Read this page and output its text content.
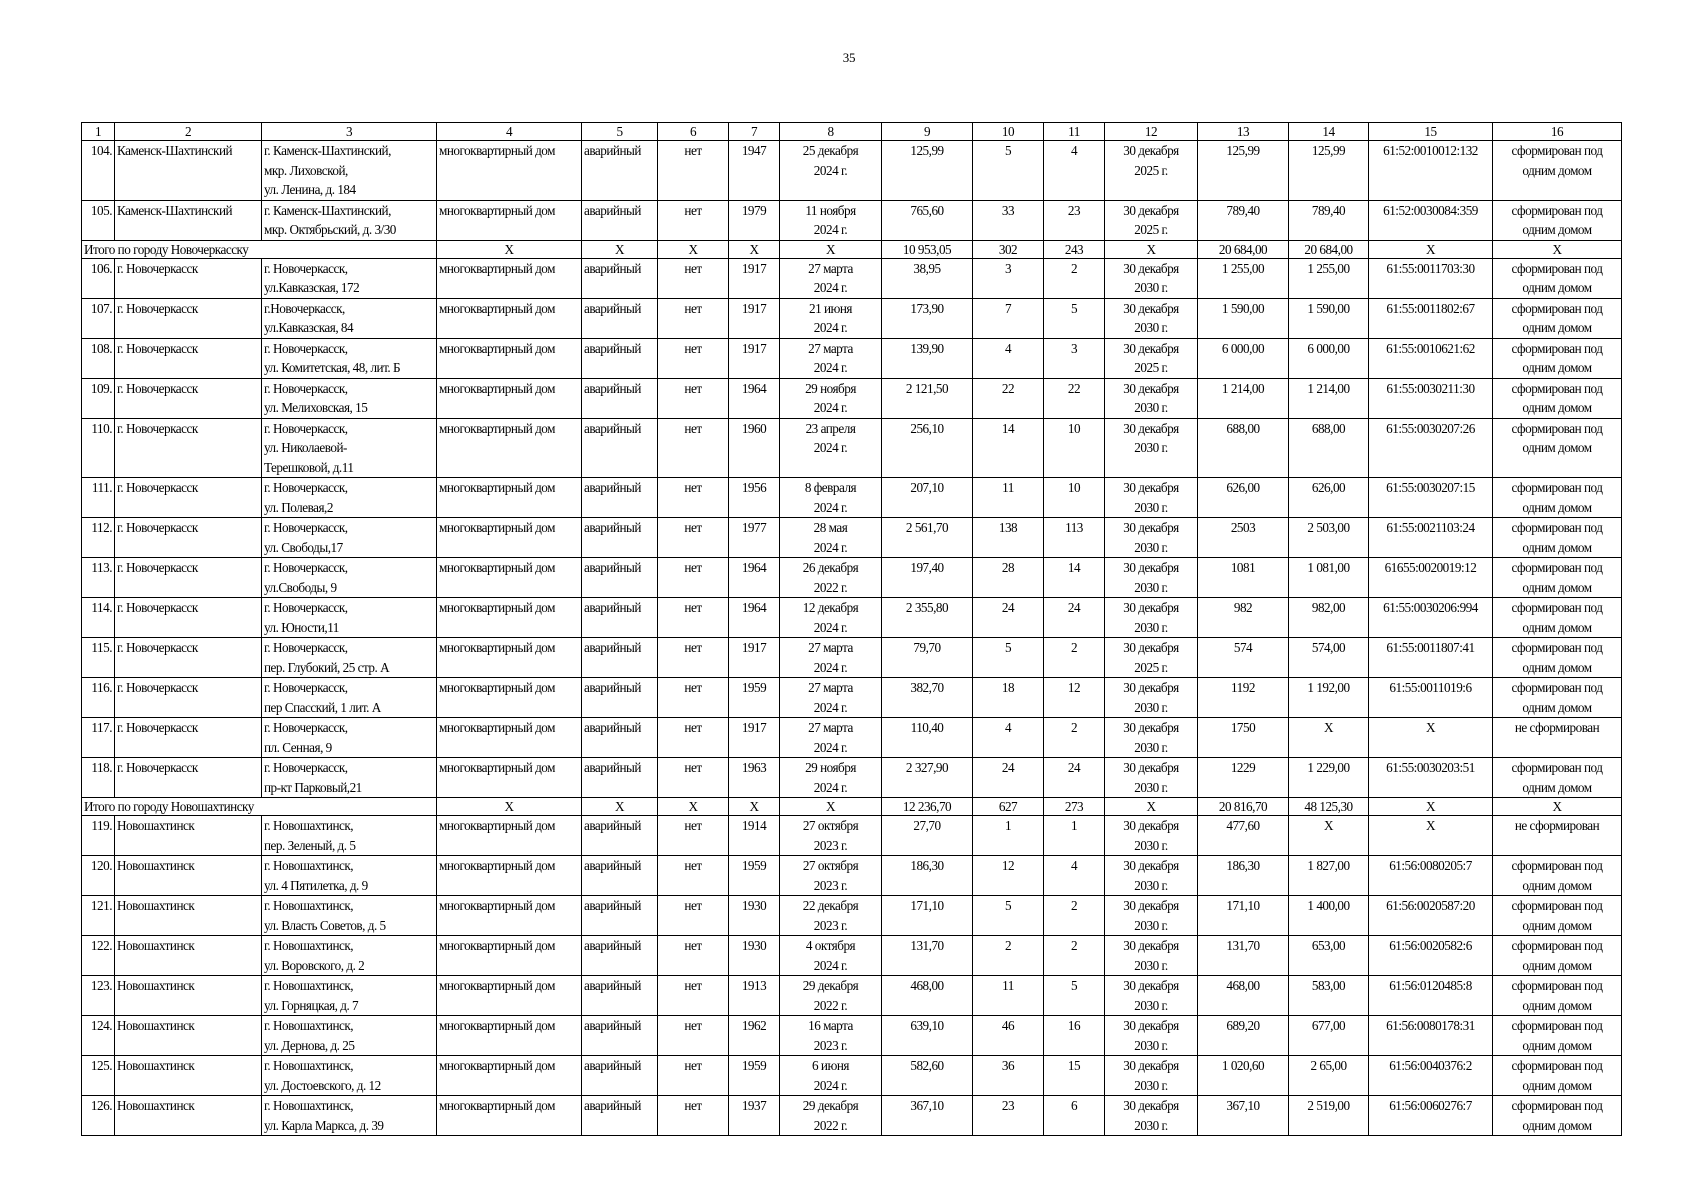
35
1	2	3	4	5	6	7	8	9	10	11	12	13	14	15	16
104.	Каменск-Шахтинский	г. Каменск-Шахтинский,
мкр. Лиховской,
ул. Ленина, д. 184	многоквартирный дом	аварийный	нет	1947	25 декабря
2024 г.	125,99	5	4	30 декабря
2025 г.	125,99	125,99	61:52:0010012:132	сформирован под
одним домом

105.	Каменск-Шахтинский	г. Каменск-Шахтинский,
мкр. Октябрьский, д. 3/30	многоквартирный дом	аварийный	нет	1979	11 ноября
2024 г.	765,60	33	23	30 декабря
2025 г.	789,40	789,40	61:52:0030084:359	сформирован под
одним домом

Итого по городу Новочеркасску			X	X	X	X	X	10 953,05	302	243	X	20 684,00	20 684,00	X	X
106.	г. Новочеркасск	г. Новочеркасск,
ул.Кавказская, 172	многоквартирный дом	аварийный	нет	1917	27 марта
2024 г.	38,95	3	2	30 декабря
2030 г.	1 255,00	1 255,00	61:55:0011703:30	сформирован под
одним домом

107.	г. Новочеркасск	г.Новочеркасск,
ул.Кавказская, 84	многоквартирный дом	аварийный	нет	1917	21 июня
2024 г.	173,90	7	5	30 декабря
2030 г.	1 590,00	1 590,00	61:55:0011802:67	сформирован под
одним домом

108.	г. Новочеркасск	г. Новочеркасск,
ул. Комитетская, 48, лит. Б	многоквартирный дом	аварийный	нет	1917	27 марта
2024 г.	139,90	4	3	30 декабря
2025 г.	6 000,00	6 000,00	61:55:0010621:62	сформирован под
одним домом

109.	г. Новочеркасск	г. Новочеркасск,
ул. Мелиховская, 15	многоквартирный дом	аварийный	нет	1964	29 ноября
2024 г.	2 121,50	22	22	30 декабря
2030 г.	1 214,00	1 214,00	61:55:0030211:30	сформирован под
одним домом

110.	г. Новочеркасск	г. Новочеркасск,
ул. Николаевой-
Терешковой, д.11	многоквартирный дом	аварийный	нет	1960	23 апреля
2024 г.	256,10	14	10	30 декабря
2030 г.	688,00	688,00	61:55:0030207:26	сформирован под
одним домом

111.	г. Новочеркасск	г. Новочеркасск,
ул. Полевая,2	многоквартирный дом	аварийный	нет	1956	8 февраля
2024 г.	207,10	11	10	30 декабря
2030 г.	626,00	626,00	61:55:0030207:15	сформирован под
одним домом

112.	г. Новочеркасск	г. Новочеркасск,
ул. Свободы,17	многоквартирный дом	аварийный	нет	1977	28 мая
2024 г.	2 561,70	138	113	30 декабря
2030 г.	2503	2 503,00	61:55:0021103:24	сформирован под
одним домом

113.	г. Новочеркасск	г. Новочеркасск,
ул.Свободы, 9	многоквартирный дом	аварийный	нет	1964	26 декабря
2022 г.	197,40	28	14	30 декабря
2030 г.	1081	1 081,00	61655:0020019:12	сформирован под
одним домом

114.	г. Новочеркасск	г. Новочеркасск,
ул. Юности,11	многоквартирный дом	аварийный	нет	1964	12 декабря
2024 г.	2 355,80	24	24	30 декабря
2030 г.	982	982,00	61:55:0030206:994	сформирован под
одним домом

115.	г. Новочеркасск	г. Новочеркасск,
пер. Глубокий, 25 стр. А	многоквартирный дом	аварийный	нет	1917	27 марта
2024 г.	79,70	5	2	30 декабря
2025 г.	574	574,00	61:55:0011807:41	сформирован под
одним домом

116.	г. Новочеркасск	г. Новочеркасск,
пер Спасский, 1 лит. А	многоквартирный дом	аварийный	нет	1959	27 марта
2024 г.	382,70	18	12	30 декабря
2030 г.	1192	1 192,00	61:55:0011019:6	сформирован под
одним домом

117.	г. Новочеркасск	г. Новочеркасск,
пл. Сенная, 9	многоквартирный дом	аварийный	нет	1917	27 марта
2024 г.	110,40	4	2	30 декабря
2030 г.	1750	X	X	не сформирован

118.	г. Новочеркасск	г. Новочеркасск,
пр-кт Парковый,21	многоквартирный дом	аварийный	нет	1963	29 ноября
2024 г.	2 327,90	24	24	30 декабря
2030 г.	1229	1 229,00	61:55:0030203:51	сформирован под
одним домом

Итого по городу Новошахтинску			X	X	X	X	X	12 236,70	627	273	X	20 816,70	48 125,30	X	X
119.	Новошахтинск	г. Новошахтинск,
пер. Зеленый, д. 5	многоквартирный дом	аварийный	нет	1914	27 октября
2023 г.	27,70	1	1	30 декабря
2030 г.	477,60	X	X	не сформирован

120.	Новошахтинск	г. Новошахтинск,
ул. 4 Пятилетка, д. 9	многоквартирный дом	аварийный	нет	1959	27 октября
2023 г.	186,30	12	4	30 декабря
2030 г.	186,30	1 827,00	61:56:0080205:7	сформирован под
одним домом

121.	Новошахтинск	г. Новошахтинск,
ул. Власть Советов, д. 5	многоквартирный дом	аварийный	нет	1930	22 декабря
2023 г.	171,10	5	2	30 декабря
2030 г.	171,10	1 400,00	61:56:0020587:20	сформирован под
одним домом

122.	Новошахтинск	г. Новошахтинск,
ул. Воровского, д. 2	многоквартирный дом	аварийный	нет	1930	4 октября
2024 г.	131,70	2	2	30 декабря
2030 г.	131,70	653,00	61:56:0020582:6	сформирован под
одним домом

123.	Новошахтинск	г. Новошахтинск,
ул. Горняцкая, д. 7	многоквартирный дом	аварийный	нет	1913	29 декабря
2022 г.	468,00	11	5	30 декабря
2030 г.	468,00	583,00	61:56:0120485:8	сформирован под
одним домом

124.	Новошахтинск	г. Новошахтинск,
ул. Дернова, д. 25	многоквартирный дом	аварийный	нет	1962	16 марта
2023 г.	639,10	46	16	30 декабря
2030 г.	689,20	677,00	61:56:0080178:31	сформирован под
одним домом

125.	Новошахтинск	г. Новошахтинск,
ул. Достоевского, д. 12	многоквартирный дом	аварийный	нет	1959	6 июня
2024 г.	582,60	36	15	30 декабря
2030 г.	1 020,60	2 65,00	61:56:0040376:2	сформирован под
одним домом

126.	Новошахтинск	г. Новошахтинск,
ул. Карла Маркса, д. 39	многоквартирный дом	аварийный	нет	1937	29 декабря
2022 г.	367,10	23	6	30 декабря
2030 г.	367,10	2 519,00	61:56:0060276:7	сформирован под
одним домом
